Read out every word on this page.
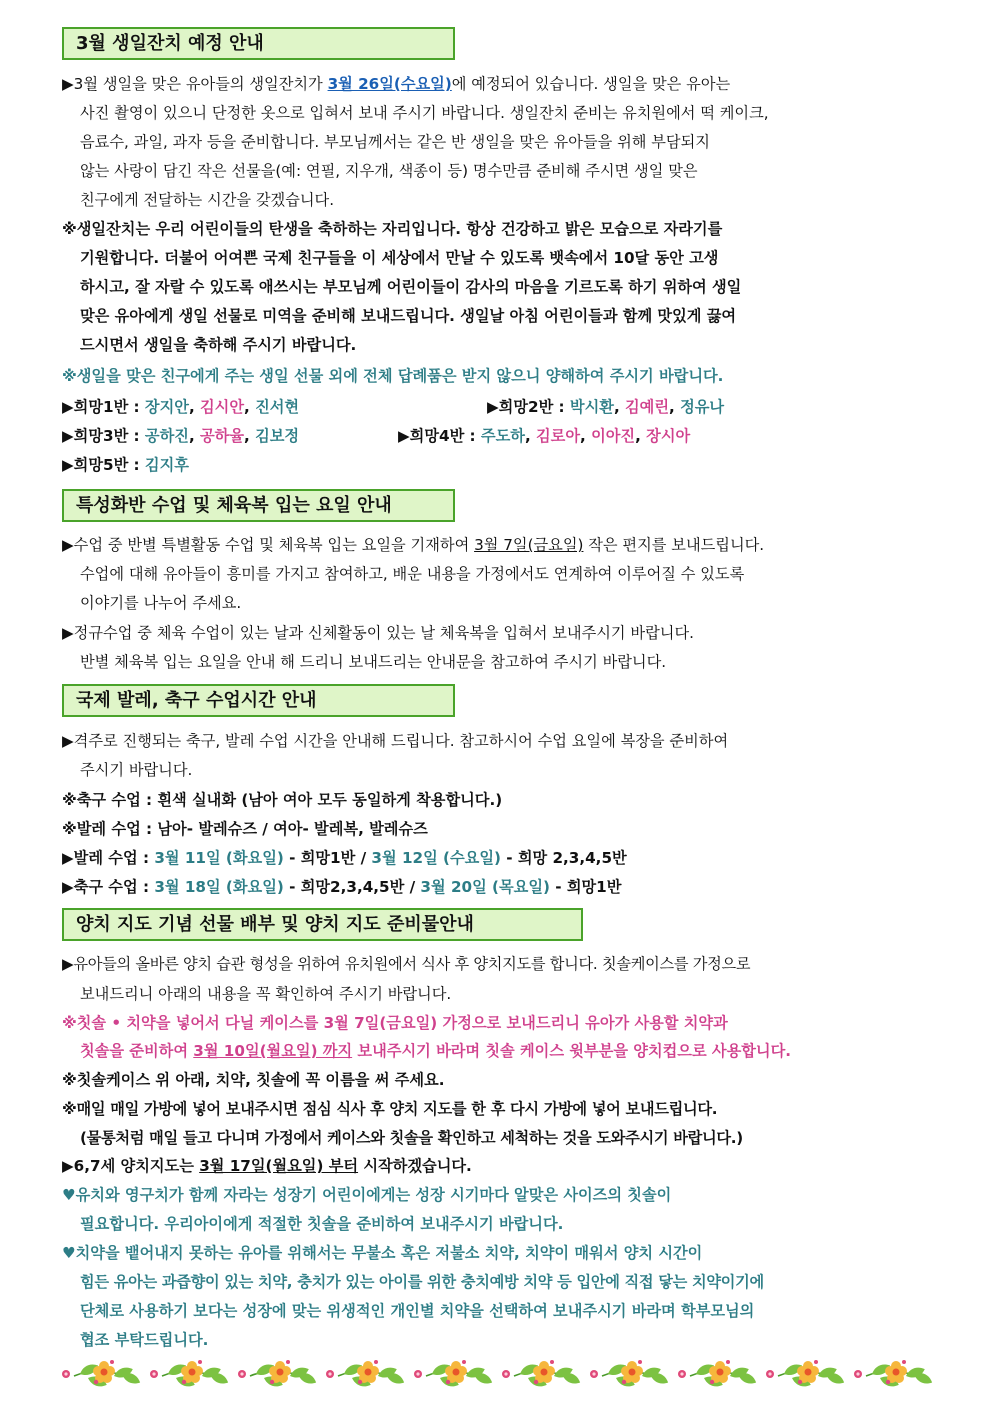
3월 생일잔치 예정 안내
▶3월 생일을 맞은 유아들의 생일잔치가 3월 26일(수요일)에 예정되어 있습니다. 생일을 맞은 유아는
사진 촬영이 있으니 단정한 옷으로 입혀서 보내 주시기 바랍니다. 생일잔치 준비는 유치원에서 떡 케이크,
음료수, 과일, 과자 등을 준비합니다. 부모님께서는 같은 반 생일을 맞은 유아들을 위해 부담되지
않는 사랑이 담긴 작은 선물을(예: 연필, 지우개, 색종이 등) 명수만큼 준비해 주시면 생일 맞은
친구에게 전달하는 시간을 갖겠습니다.
※생일잔치는 우리 어린이들의 탄생을 축하하는 자리입니다. 항상 건강하고 밝은 모습으로 자라기를
기원합니다. 더불어 어여쁜 국제 친구들을 이 세상에서 만날 수 있도록 뱃속에서 10달 동안 고생
하시고, 잘 자랄 수 있도록 애쓰시는 부모님께 어린이들이 감사의 마음을 기르도록 하기 위하여 생일
맞은 유아에게 생일 선물로 미역을 준비해 보내드립니다. 생일날 아침 어린이들과 함께 맛있게 끓여
드시면서 생일을 축하해 주시기 바랍니다.
※생일을 맞은 친구에게 주는 생일 선물 외에 전체 답례품은 받지 않으니 양해하여 주시기 바랍니다.
▶희망1반 : 장지안, 김시안, 진서현	▶희망2반 : 박시환, 김예린, 정유나
▶희망3반 : 공하진, 공하율, 김보정	▶희망4반 : 주도하, 김로아, 이아진, 장시아
▶희망5반 : 김지후
특성화반 수업 및 체육복 입는 요일 안내
▶수업 중 반별 특별활동 수업 및 체육복 입는 요일을 기재하여 3월 7일(금요일) 작은 편지를 보내드립니다.
수업에 대해 유아들이 흥미를 가지고 참여하고, 배운 내용을 가정에서도 연계하여 이루어질 수 있도록
이야기를 나누어 주세요.
▶정규수업 중 체육 수업이 있는 날과 신체활동이 있는 날 체육복을 입혀서 보내주시기 바랍니다.
반별 체육복 입는 요일을 안내 해 드리니 보내드리는 안내문을 참고하여 주시기 바랍니다.
국제 발레, 축구 수업시간 안내
▶격주로 진행되는 축구, 발레 수업 시간을 안내해 드립니다. 참고하시어 수업 요일에 복장을 준비하여
주시기 바랍니다.
※축구 수업 : 흰색 실내화 (남아 여아 모두 동일하게 착용합니다.)
※발레 수업 : 남아- 발레슈즈 / 여아- 발레복, 발레슈즈
▶발레 수업 : 3월 11일 (화요일) - 희망1반 / 3월 12일 (수요일) - 희망 2,3,4,5반
▶축구 수업 : 3월 18일 (화요일) - 희망2,3,4,5반 / 3월 20일 (목요일) - 희망1반
양치 지도 기념 선물 배부 및 양치 지도 준비물안내
▶유아들의 올바른 양치 습관 형성을 위하여 유치원에서 식사 후 양치지도를 합니다. 칫솔케이스를 가정으로
보내드리니 아래의 내용을 꼭 확인하여 주시기 바랍니다.
※칫솔 • 치약을 넣어서 다닐 케이스를 3월 7일(금요일) 가정으로 보내드리니 유아가 사용할 치약과
칫솔을 준비하여 3월 10일(월요일) 까지 보내주시기 바라며 칫솔 케이스 윗부분을 양치컵으로 사용합니다.
※칫솔케이스 위 아래, 치약, 칫솔에 꼭 이름을 써 주세요.
※매일 매일 가방에 넣어 보내주시면 점심 식사 후 양치 지도를 한 후 다시 가방에 넣어 보내드립니다.
(물통처럼 매일 들고 다니며 가정에서 케이스와 칫솔을 확인하고 세척하는 것을 도와주시기 바랍니다.)
▶6,7세 양치지도는 3월 17일(월요일) 부터 시작하겠습니다.
♥유치와 영구치가 함께 자라는 성장기 어린이에게는 성장 시기마다 알맞은 사이즈의 칫솔이
필요합니다. 우리아이에게 적절한 칫솔을 준비하여 보내주시기 바랍니다.
♥치약을 뱉어내지 못하는 유아를 위해서는 무불소 혹은 저불소 치약, 치약이 매워서 양치 시간이
힘든 유아는 과즙향이 있는 치약, 충치가 있는 아이를 위한 충치예방 치약 등 입안에 직접 닿는 치약이기에
단체로 사용하기 보다는 성장에 맞는 위생적인 개인별 치약을 선택하여 보내주시기 바라며 학부모님의
협조 부탁드립니다.
